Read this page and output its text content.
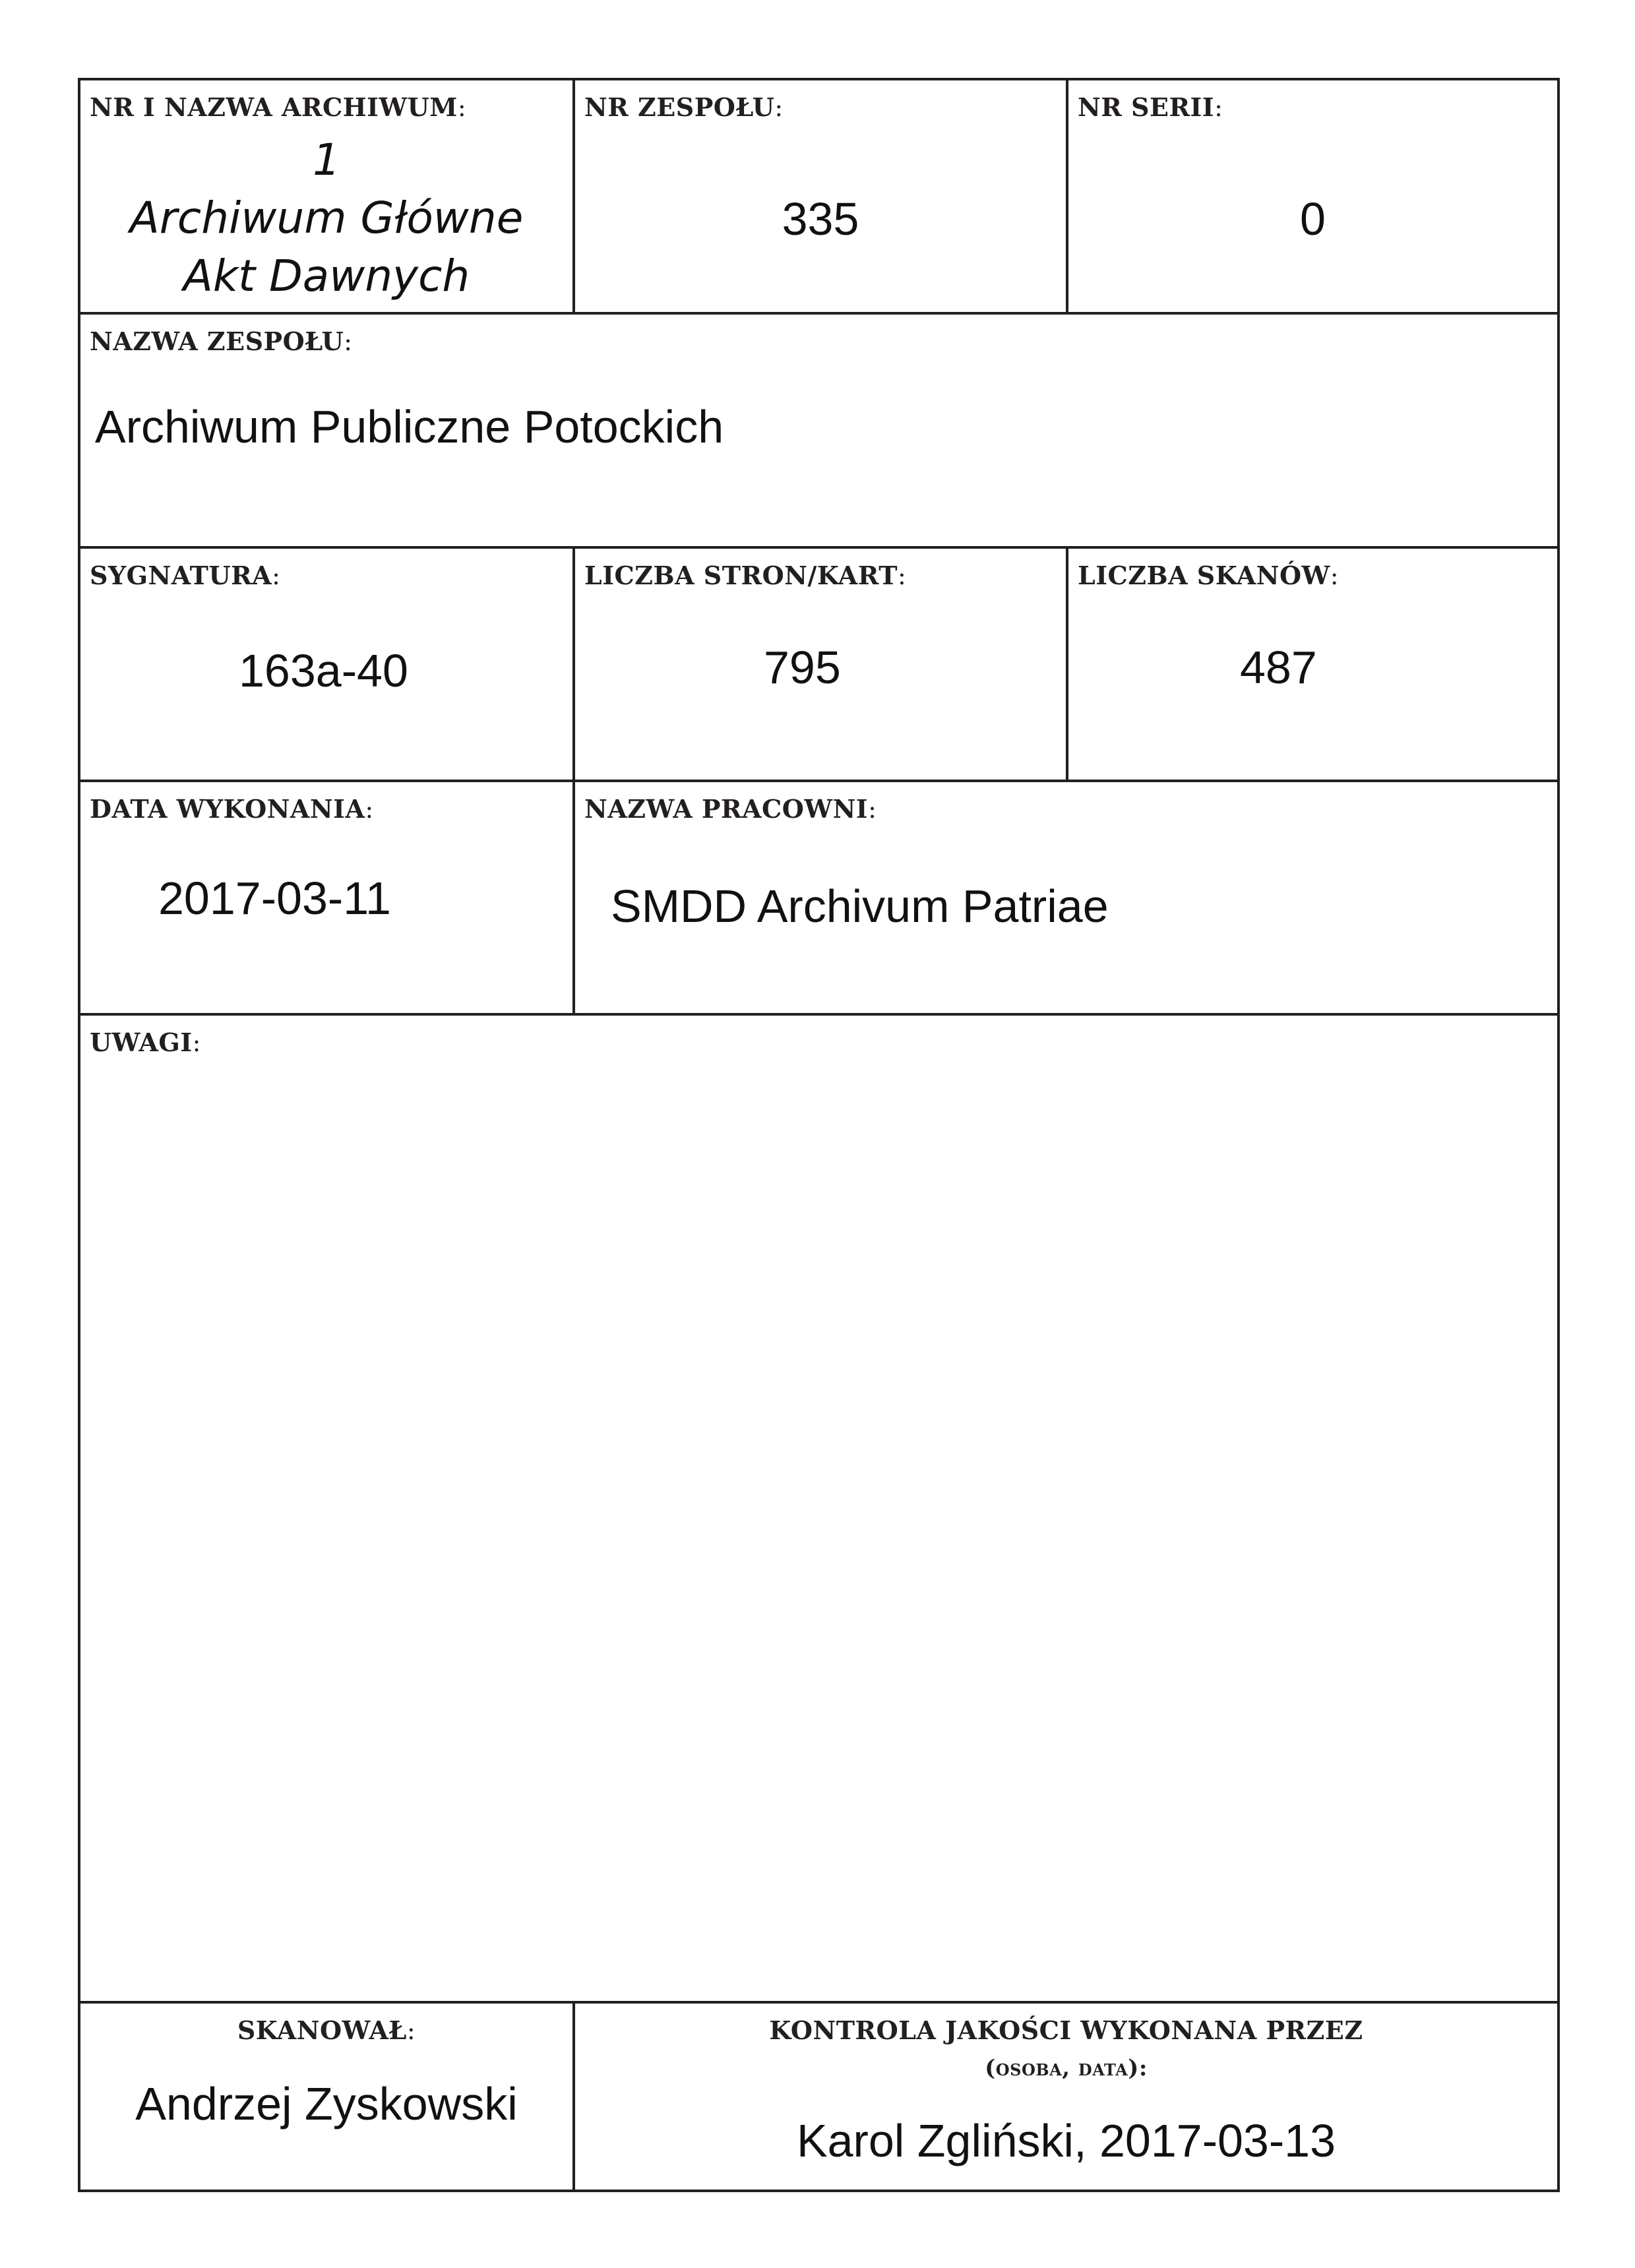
NR I NAZWA ARCHIWUM:
1
Archiwum Główne
Akt Dawnych
NR ZESPOŁU:
335
NR SERII:
0
NAZWA ZESPOŁU:
Archiwum Publiczne Potockich
SYGNATURA:
163a-40
LICZBA STRON/KART:
795
LICZBA SKANÓW:
487
DATA WYKONANIA:
2017-03-11
NAZWA PRACOWNI:
SMDD Archivum Patriae
UWAGI:
SKANOWAŁ:
Andrzej Zyskowski
KONTROLA JAKOŚCI WYKONANA PRZEZ
(osoba, data):
Karol Zgliński, 2017-03-13
